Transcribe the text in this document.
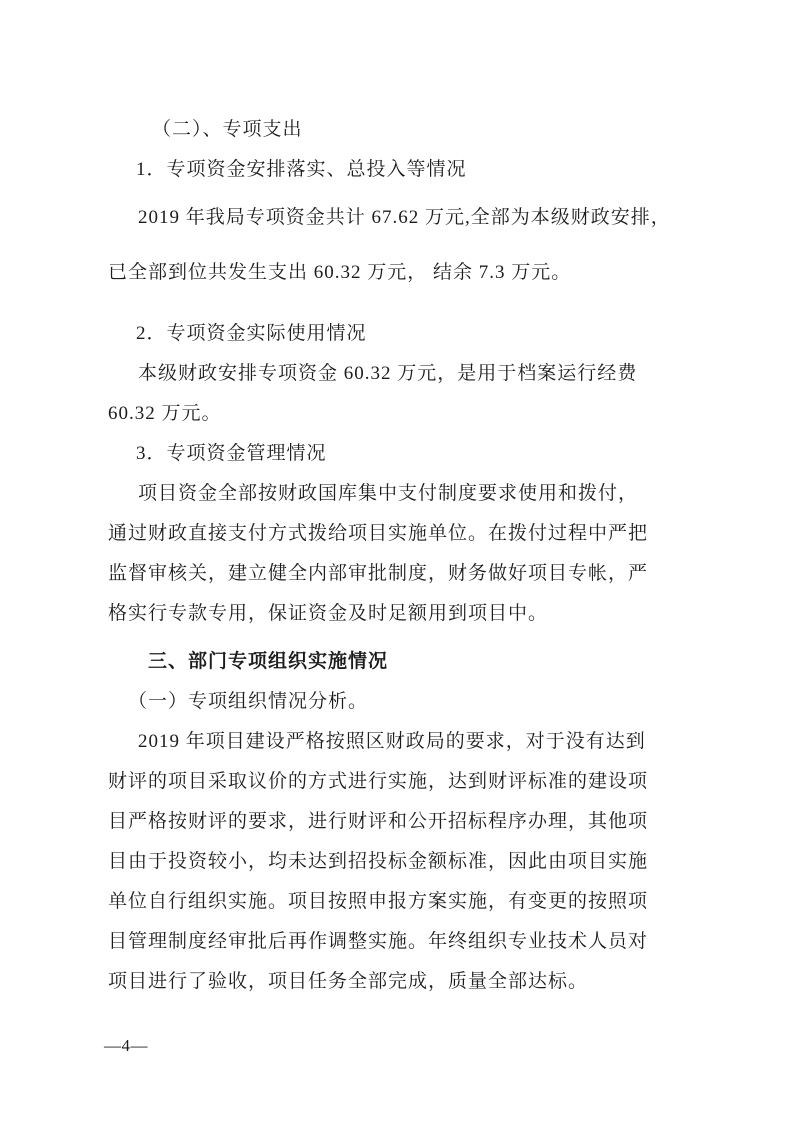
（二）、专项支出
1．专项资金安排落实、总投入等情况
2019 年我局专项资金共计 67.62 万元,全部为本级财政安排，
已全部到位共发生支出 60.32 万元， 结余 7.3 万元。
2．专项资金实际使用情况
本级财政安排专项资金 60.32 万元，是用于档案运行经费
60.32 万元。
3．专项资金管理情况
项目资金全部按财政国库集中支付制度要求使用和拨付，
通过财政直接支付方式拨给项目实施单位。在拨付过程中严把
监督审核关，建立健全内部审批制度，财务做好项目专帐，严
格实行专款专用，保证资金及时足额用到项目中。
三、部门专项组织实施情况
（一）专项组织情况分析。
2019 年项目建设严格按照区财政局的要求，对于没有达到
财评的项目采取议价的方式进行实施，达到财评标准的建设项
目严格按财评的要求，进行财评和公开招标程序办理，其他项
目由于投资较小，均未达到招投标金额标准，因此由项目实施
单位自行组织实施。项目按照申报方案实施，有变更的按照项
目管理制度经审批后再作调整实施。年终组织专业技术人员对
项目进行了验收，项目任务全部完成，质量全部达标。
—4—
